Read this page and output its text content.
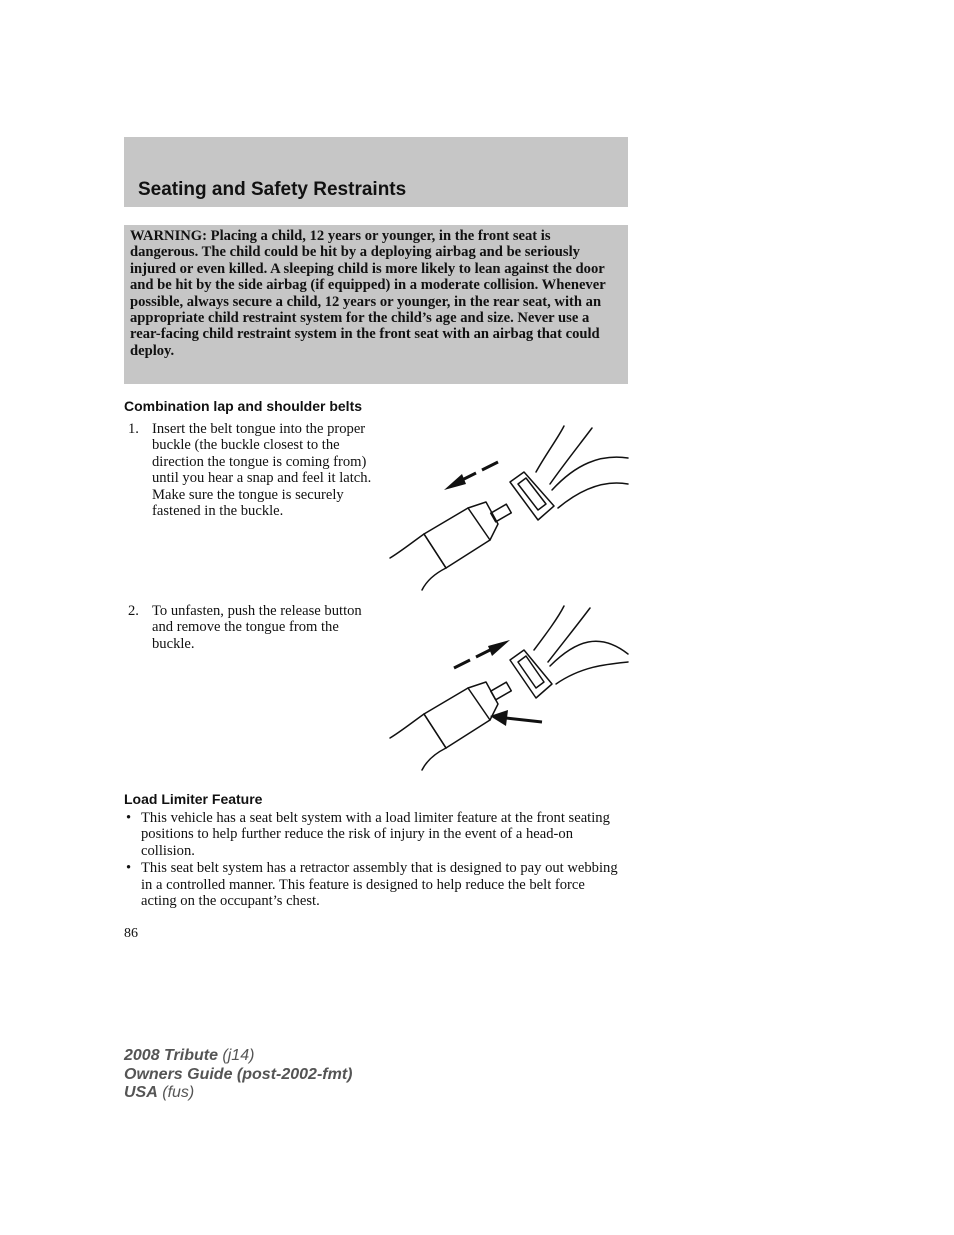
Seating and Safety Restraints
WARNING: Placing a child, 12 years or younger, in the front seat is dangerous. The child could be hit by a deploying airbag and be seriously injured or even killed. A sleeping child is more likely to lean against the door and be hit by the side airbag (if equipped) in a moderate collision. Whenever possible, always secure a child, 12 years or younger, in the rear seat, with an appropriate child restraint system for the child’s age and size. Never use a rear-facing child restraint system in the front seat with an airbag that could deploy.
Combination lap and shoulder belts
1. Insert the belt tongue into the proper buckle (the buckle closest to the direction the tongue is coming from) until you hear a snap and feel it latch. Make sure the tongue is securely fastened in the buckle.
2. To unfasten, push the release button and remove the tongue from the buckle.
Load Limiter Feature
• This vehicle has a seat belt system with a load limiter feature at the front seating positions to help further reduce the risk of injury in the event of a head-on collision.
• This seat belt system has a retractor assembly that is designed to pay out webbing in a controlled manner. This feature is designed to help reduce the belt force acting on the occupant’s chest.
86
2008 Tribute (j14)
Owners Guide (post-2002-fmt)
USA (fus)
